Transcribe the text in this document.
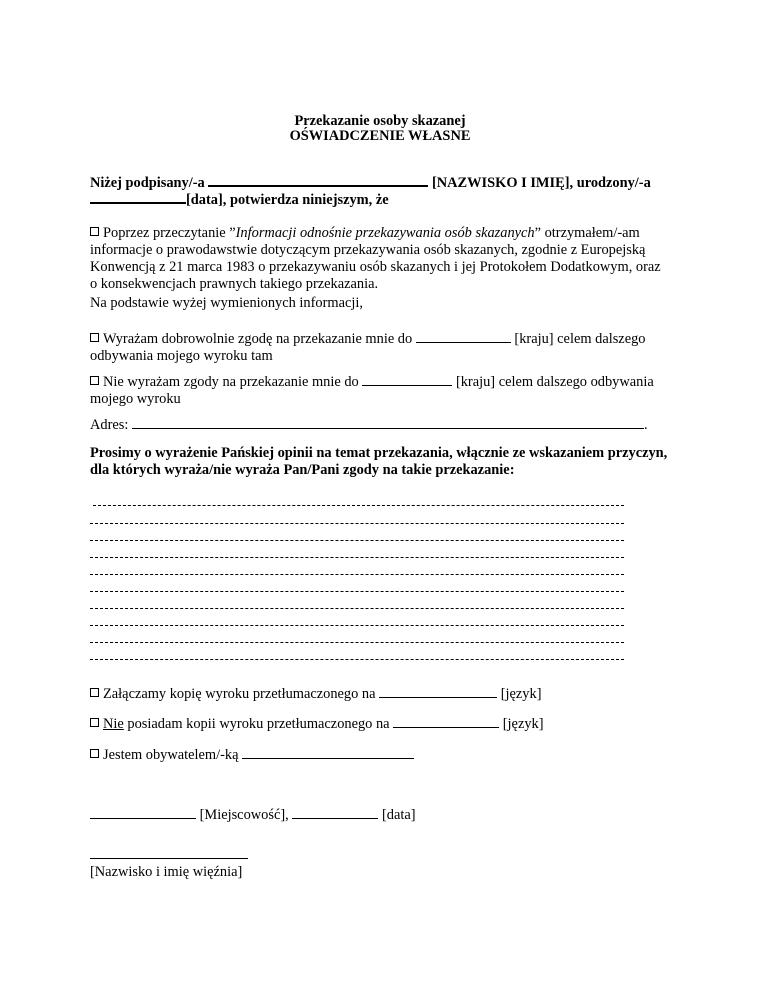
Przekazanie osoby skazanej
OŚWIADCZENIE WŁASNE
Niżej podpisany/-a	[NAZWISKO I IMIĘ], urodzony/-a
[data], potwierdza niniejszym, że
Poprzez przeczytanie ”Informacji odnośnie przekazywania osób skazanych” otrzymałem/-am informacje o prawodawstwie dotyczącym przekazywania osób skazanych, zgodnie z Europejską Konwencją z 21 marca 1983 o przekazywaniu osób skazanych i jej Protokołem Dodatkowym, oraz o konsekwencjach prawnych takiego przekazania.
Na podstawie wyżej wymienionych informacji,
Wyrażam dobrowolnie zgodę na przekazanie mnie do	[kraju] celem dalszego
odbywania mojego wyroku tam
Nie wyrażam zgody na przekazanie mnie do	[kraju] celem dalszego odbywania
mojego wyroku
Adres:	.
Prosimy o wyrażenie Pańskiej opinii na temat przekazania, włącznie ze wskazaniem przyczyn,
dla których wyraża/nie wyraża Pan/Pani zgody na takie przekazanie:
Załączamy kopię wyroku przetłumaczonego na	[język]
Nie posiadam kopii wyroku przetłumaczonego na	[język]
Jestem obywatelem/-ką
[Miejscowość],	[data]
[Nazwisko i imię więźnia]
